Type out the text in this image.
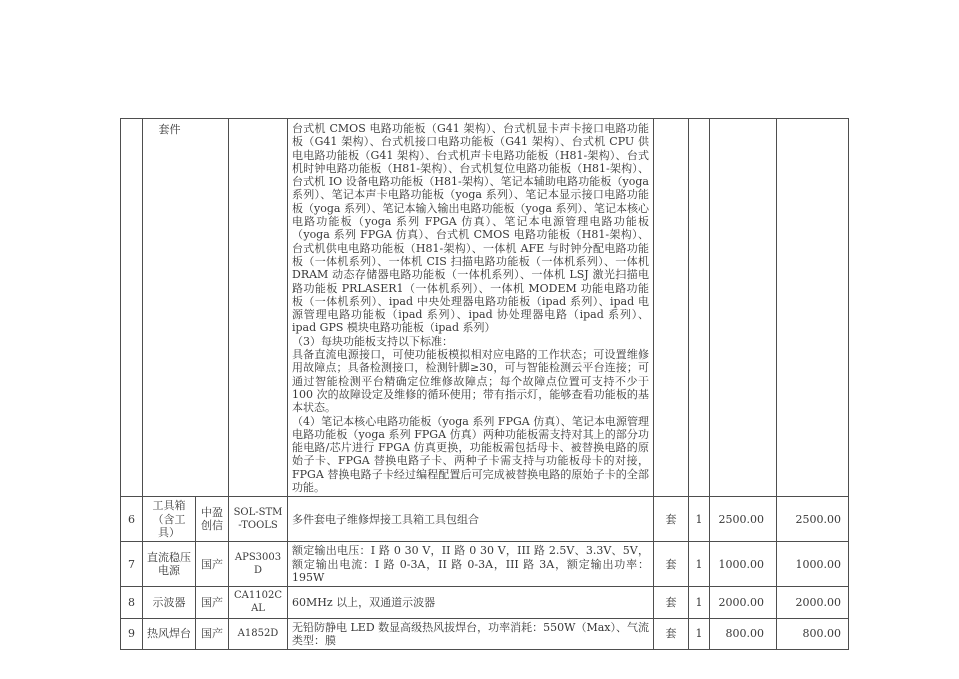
	套件			台式机 CMOS 电路功能板（G41 架构）、台式机显卡声卡接口电路功能板（G41 架构）、台式机接口电路功能板（G41 架构）、台式机 CPU 供电电路功能板（G41 架构）、台式机声卡电路功能板（H81-架构）、台式机时钟电路功能板（H81-架构）、台式机复位电路功能板（H81-架构）、台式机 IO 设备电路功能板（H81-架构）、笔记本辅助电路功能板（yoga 系列）、笔记本声卡电路功能板（yoga 系列）、笔记本显示接口电路功能板（yoga 系列）、笔记本输入输出电路功能板（yoga 系列）、笔记本核心电路功能板（yoga 系列 FPGA 仿真）、笔记本电源管理电路功能板（yoga 系列 FPGA 仿真）、台式机 CMOS 电路功能板（H81-架构）、台式机供电电路功能板（H81-架构）、一体机 AFE 与时钟分配电路功能板（一体机系列）、一体机 CIS 扫描电路功能板（一体机系列）、一体机 DRAM 动态存储器电路功能板（一体机系列）、一体机 LSJ 激光扫描电路功能板 PRLASER1（一体机系列）、一体机 MODEM 功能电路功能板（一体机系列）、ipad 中央处理器电路功能板（ipad 系列）、ipad 电源管理电路功能板（ipad 系列）、ipad 协处理器电路（ipad 系列）、ipad GPS 模块电路功能板（ipad 系列）
（3）每块功能板支持以下标准：
具备直流电源接口，可使功能板模拟相对应电路的工作状态；可设置维修用故障点；具备检测接口，检测针脚≥30，可与智能检测云平台连接；可通过智能检测平台精确定位维修故障点；每个故障点位置可支持不少于 100 次的故障设定及维修的循环使用；带有指示灯，能够查看功能板的基本状态。
（4）笔记本核心电路功能板（yoga 系列 FPGA 仿真）、笔记本电源管理电路功能板（yoga 系列 FPGA 仿真）两种功能板需支持对其上的部分功能电路/芯片进行 FPGA 仿真更换，功能板需包括母卡、被替换电路的原始子卡、FPGA 替换电路子卡、两种子卡需支持与功能板母卡的对接，FPGA 替换电路子卡经过编程配置后可完成被替换电路的原始子卡的全部功能。				

6	工具箱（含工具）	中盈创信	SOL-STM-TOOLS	多件套电子维修焊接工具箱工具包组合	套	1	2500.00	2500.00
7	直流稳压电源	国产	APS3003D	额定输出电压：I 路 0 30 V，II 路 0 30 V，III 路 2.5V、3.3V、5V，额定输出电流：I 路 0-3A，II 路 0-3A，III 路 3A，额定输出功率：195W	套	1	1000.00	1000.00
8	示波器	国产	CA1102CAL	60MHz 以上，双通道示波器	套	1	2000.00	2000.00
9	热风焊台	国产	A1852D	无铅防静电 LED 数显高级热风拔焊台，功率消耗：550W（Max）、气流类型：膜	套	1	800.00	800.00
